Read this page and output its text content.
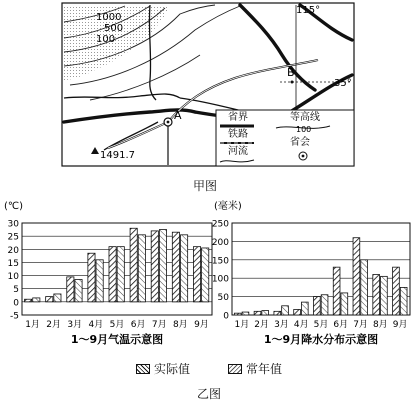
1000
500
100
115°
35°
B
A
1491.7
省界
铁路
河流
等高线
100
省会
甲图
(℃)
-5
0
5
10
15
20
25
30
1月 2月 3月 4月 5月 6月 7月 8月 9月
1～9月气温示意图
(毫米)
0
50
100
150
200
250
1月 2月 3月 4月 5月 6月 7月 8月 9月
1～9月降水分布示意图
实际值	常年值
乙图
